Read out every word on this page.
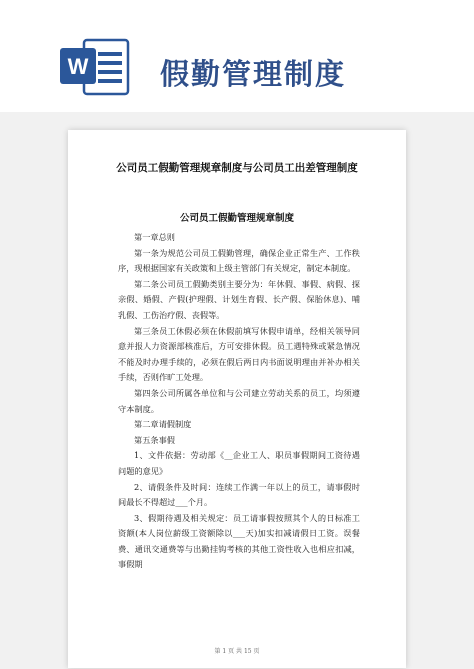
W 假勤管理制度
公司员工假勤管理规章制度与公司员工出差管理制度
公司员工假勤管理规章制度

第一章总则

第一条为规范公司员工假勤管理，确保企业正常生产、工作秩序，现根据国家有关政策和上级主管部门有关规定，制定本制度。

第二条公司员工假勤类别主要分为：年休假、事假、病假、探亲假、婚假、产假(护理假、计划生育假、长产假、保胎休息)、哺乳假、工伤治疗假、丧假等。

第三条员工休假必须在休假前填写休假申请单，经相关领导同意并报人力资源部核准后，方可安排休假。员工遇特殊或紧急情况不能及时办理手续的，必须在假后两日内书面说明理由并补办相关手续，否则作旷工处理。

第四条公司所属各单位和与公司建立劳动关系的员工，均须遵守本制度。

第二章请假制度

第五条事假

1、文件依据：劳动部《__企业工人、职员事假期间工资待遇问题的意见》

2、请假条件及时间：连续工作满一年以上的员工，请事假时间最长不得超过___个月。

3、假期待遇及相关规定：员工请事假按照其个人的日标准工资额(本人岗位薪级工资额除以___天)加实扣减请假日工资。误餐费、通讯交通费等与出勤挂钩考核的其他工资性收入也相应扣减，事假期

第 1 页 共 15 页
